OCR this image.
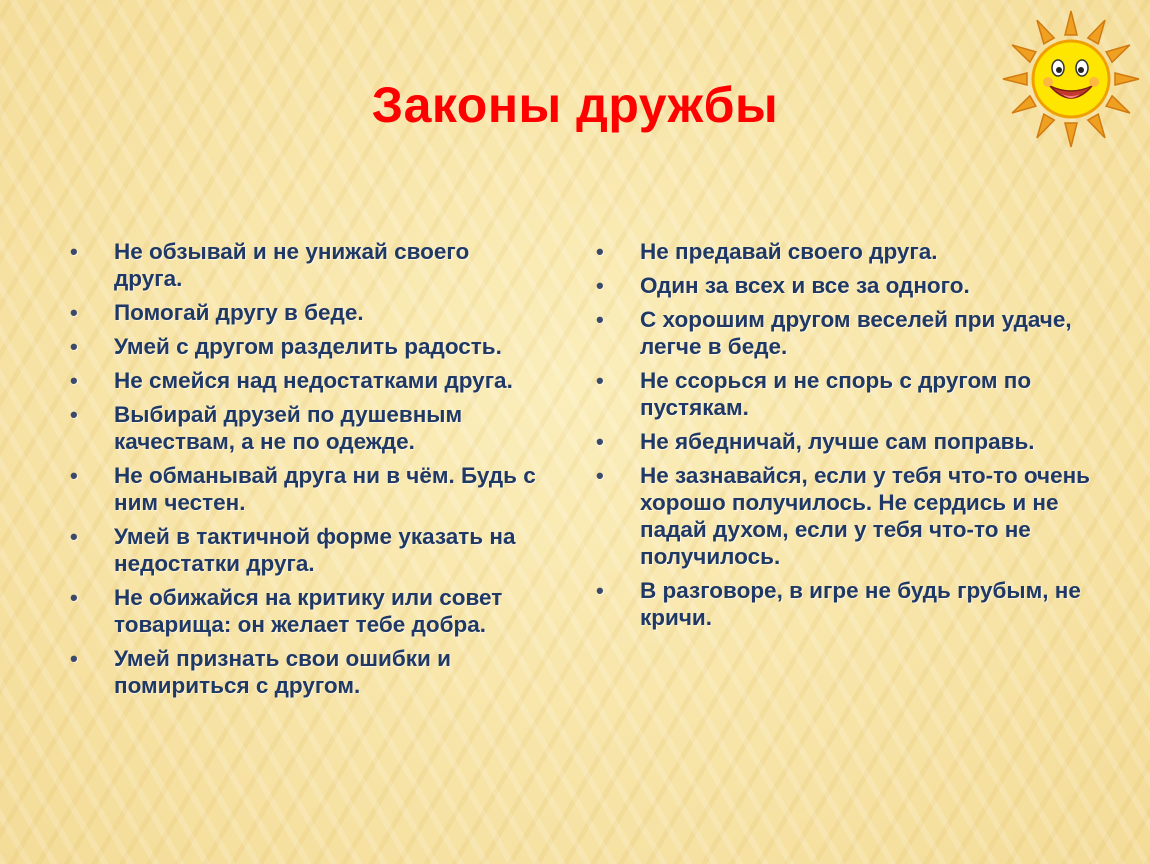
Законы дружбы
• Не обзывай и не унижай своего друга.
• Помогай другу в беде.
• Умей с другом разделить радость.
• Не смейся над недостатками друга.
• Выбирай друзей по душевным качествам, а не по одежде.
• Не обманывай друга ни в чём. Будь с ним честен.
• Умей в тактичной форме указать на недостатки друга.
• Не обижайся на критику или совет товарища: он желает тебе добра.
• Умей признать свои ошибки и помириться с другом.
• Не предавай своего друга.
• Один за всех и все за одного.
• С хорошим другом веселей при удаче, легче в беде.
• Не ссорься и не спорь с другом по пустякам.
• Не ябедничай, лучше сам поправь.
• Не зазнавайся, если у тебя что-то очень хорошо получилось. Не сердись и не падай духом, если у тебя что-то не получилось.
• В разговоре, в игре не будь грубым, не кричи.
